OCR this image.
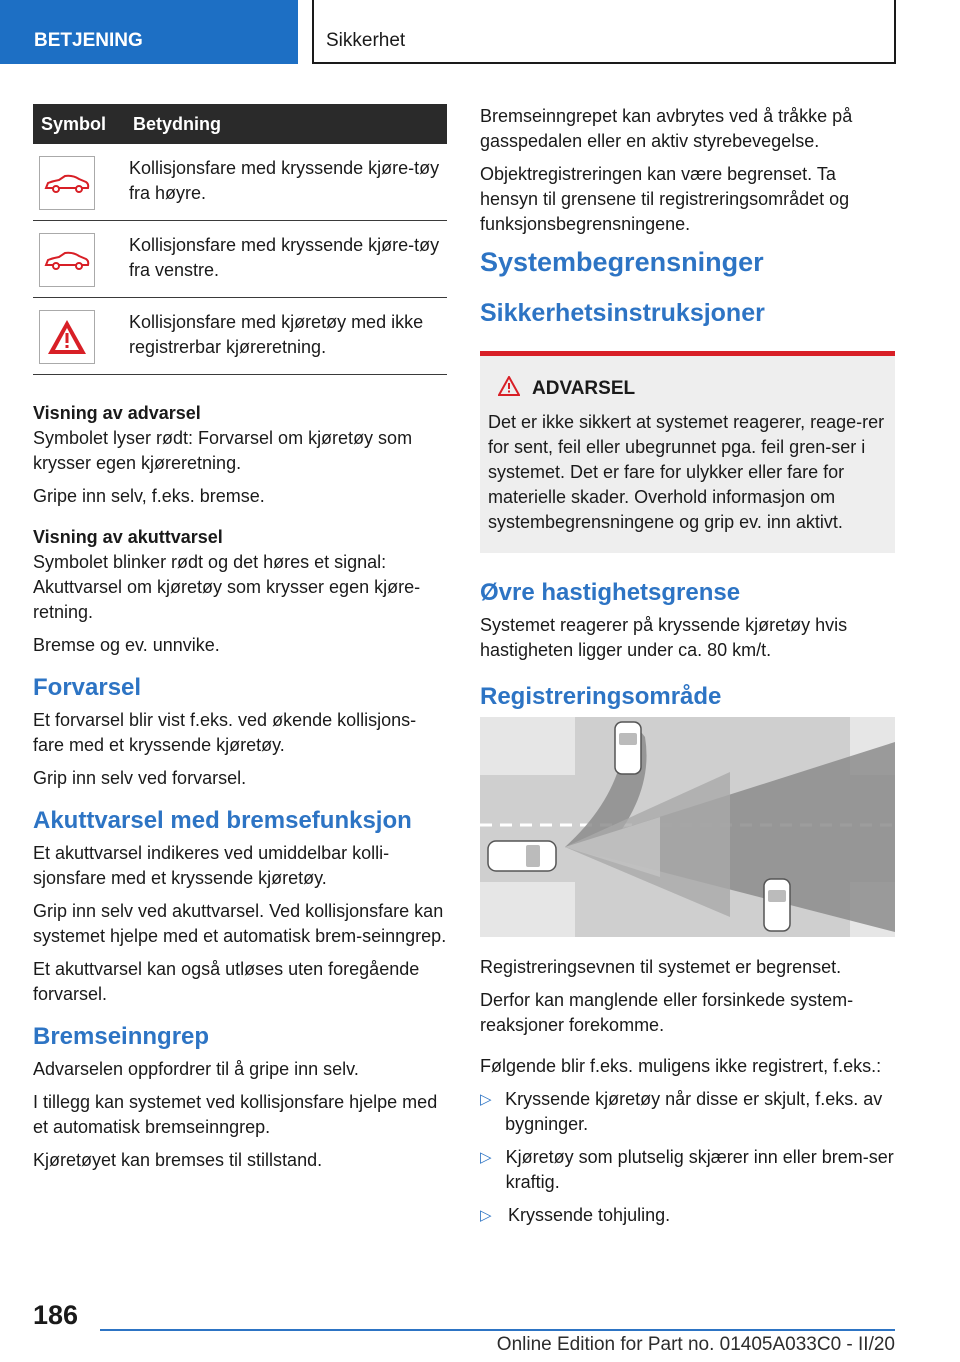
BETJENING	Sikkerhet
Symbol	Betydning

	Kollisjonsfare med kryssende kjøre-tøy fra høyre.

	Kollisjonsfare med kryssende kjøre-tøy fra venstre.

	Kollisjonsfare med kjøretøy med ikke registrerbar kjøreretning.
Visning av advarsel

Symbolet lyser rødt: Forvarsel om kjøretøy som krysser egen kjøreretning.

Gripe inn selv, f.eks. bremse.

Visning av akuttvarsel

Symbolet blinker rødt og det høres et signal: Akuttvarsel om kjøretøy som krysser egen kjøre-retning.

Bremse og ev. unnvike.

Forvarsel

Et forvarsel blir vist f.eks. ved økende kollisjons-fare med et kryssende kjøretøy.

Grip inn selv ved forvarsel.

Akuttvarsel med bremsefunksjon

Et akuttvarsel indikeres ved umiddelbar kolli-sjonsfare med et kryssende kjøretøy.

Grip inn selv ved akuttvarsel. Ved kollisjonsfare kan systemet hjelpe med et automatisk brem-seinngrep.

Et akuttvarsel kan også utløses uten foregående forvarsel.

Bremseinngrep

Advarselen oppfordrer til å gripe inn selv.

I tillegg kan systemet ved kollisjonsfare hjelpe med et automatisk bremseinngrep.

Kjøretøyet kan bremses til stillstand.

Bremseinngrepet kan avbrytes ved å tråkke på gasspedalen eller en aktiv styrebevegelse.

Objektregistreringen kan være begrenset. Ta hensyn til grensene til registreringsområdet og funksjonsbegrensningene.

Systembegrensninger
Sikkerhetsinstruksjoner
ADVARSEL
Det er ikke sikkert at systemet reagerer, reage-rer for sent, feil eller ubegrunnet pga. feil gren-ser i systemet. Det er fare for ulykker eller fare for materielle skader. Overhold informasjon om systembegrensningene og grip ev. inn aktivt.
Øvre hastighetsgrense

Systemet reagerer på kryssende kjøretøy hvis hastigheten ligger under ca. 80 km/t.

Registreringsområde

Registreringsevnen til systemet er begrenset.

Derfor kan manglende eller forsinkede system-reaksjoner forekomme.

Følgende blir f.eks. muligens ikke registrert, f.eks.:

▷ Kryssende kjøretøy når disse er skjult, f.eks. av bygninger.
▷ Kjøretøy som plutselig skjærer inn eller brem-ser kraftig.
▷ Kryssende tohjuling.
186
Online Edition for Part no. 01405A033C0 - II/20
